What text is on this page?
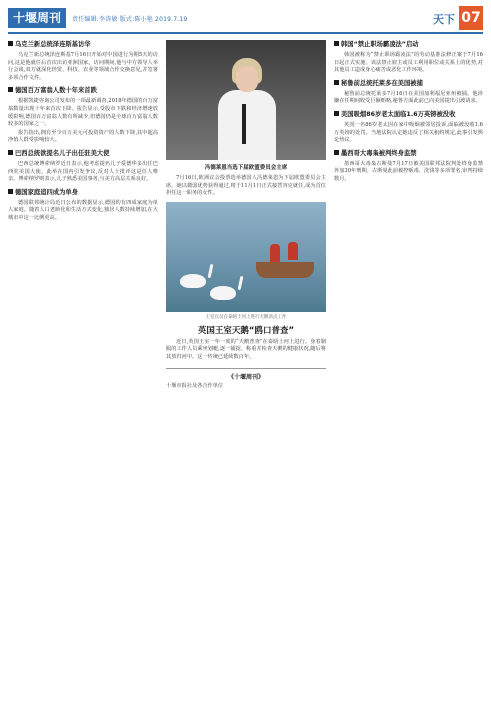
十堰周刊	责任编辑:李涛敏 版式:陈小艳 2019.7.19	天下 07
乌克兰新总统泽连斯基访华

乌克兰新总统泽连斯基7月16日开始对中国进行为期5天的访问,这是他就任后首次出访亚洲国家。访问期间,他与中方领导人举行会谈,双方就深化经贸、科技、农业等领域合作交换意见,并签署多项合作文件。

德国百万富翁人数十年来首跌

根据凯捷咨询公司发布的一项最新调查,2018年德国的百万富翁数量出现十年来首次下降。报告显示,受股市下跌和经济增速放缓影响,德国百万富翁人数有所减少,但德国仍是全球百万富翁人数较多的国家之一。

报告指出,拥有至少百万美元可投资资产的人数下降,其中超高净值人群受影响较大。

巴西总统欲提名儿子出任驻美大使

巴西总统博索纳罗近日表示,他考虑提名儿子爱德华多出任巴西驻美国大使。此举在国内引发争议,反对人士批评这是任人唯亲。博索纳罗则表示,儿子熟悉美国事务,与美方高层关系良好。

德国家庭追四成为单身

德国联邦统计局近日公布的数据显示,德国约有四成家庭为单人家庭。随着人口老龄化和生活方式变化,独居人数持续增加,在大城市中这一比例更高。

冯德莱恩当选下届欧盟委员会主席

7月16日,欧洲议会投票选举德国人冯德莱恩为下届欧盟委员会主席。她以微弱优势获得通过,将于11月1日正式接替容克就任,成为首位担任这一职务的女性。

王室官员在泰晤士河上进行天鹅清点工作
英国王室天鹅“鸥口普查”

近日,英国王室一年一度的“天鹅普查”在泰晤士河上进行。身着制服的工作人员乘坐划艇,逐一捕捉、称重并检查天鹅的健康状况,随后将其放归河中。这一传统已延续数百年。

《十堰周刊》
十堰市报社及各合作单位
韩国“禁止职场霸凌法”启动

韩国被称为“禁止职场霸凌法”的劳动基准法修正案于7月16日起正式实施。该法禁止雇主或员工利用职位或关系上的优势,对其他员工造成身心痛苦或恶化工作环境。

秘鲁前总统托莱多在美国被捕

秘鲁前总统托莱多7月16日在美国加利福尼亚州被捕。他涉嫌在任期间收受巨额贿赂,秘鲁方面此前已向美国提出引渡请求。

美国吸烟86岁老太面临1.6万英镑被没收

英国一名86岁老太因在家中吸烟被邻居投诉,面临被没收1.6万英镑的处罚。当地法院认定她违反了相关租约规定,此事引发舆论热议。

墨西哥大毒枭被判终身监禁

墨西哥大毒枭古斯曼7月17日被美国联邦法院判处终身监禁外加30年刑期。古斯曼此前被控贩毒、洗钱等多项罪名,审判持续数月。
